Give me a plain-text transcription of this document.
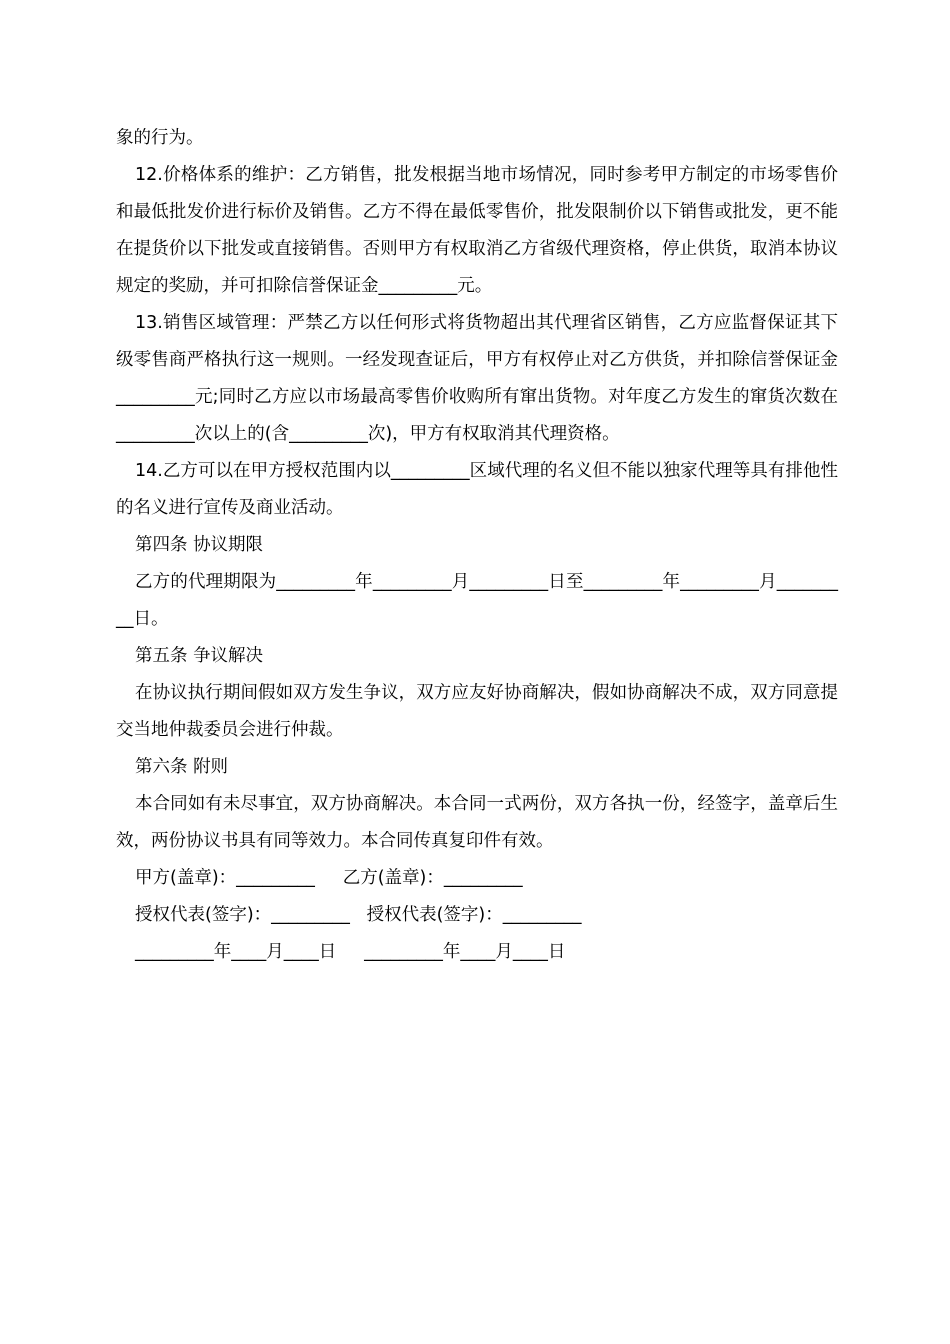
象的行为。

12.价格体系的维护：乙方销售，批发根据当地市场情况，同时参考甲方制定的市场零售价和最低批发价进行标价及销售。乙方不得在最低零售价，批发限制价以下销售或批发，更不能在提货价以下批发或直接销售。否则甲方有权取消乙方省级代理资格，停止供货，取消本协议规定的奖励，并可扣除信誉保证金_________元。

13.销售区域管理：严禁乙方以任何形式将货物超出其代理省区销售，乙方应监督保证其下级零售商严格执行这一规则。一经发现查证后，甲方有权停止对乙方供货，并扣除信誉保证金_________元;同时乙方应以市场最高零售价收购所有窜出货物。对年度乙方发生的窜货次数在_________次以上的(含_________次)，甲方有权取消其代理资格。

14.乙方可以在甲方授权范围内以_________区域代理的名义但不能以独家代理等具有排他性的名义进行宣传及商业活动。

第四条 协议期限

乙方的代理期限为_________年_________月_________日至_________年_________月_________日。

第五条 争议解决

在协议执行期间假如双方发生争议，双方应友好协商解决，假如协商解决不成，双方同意提交当地仲裁委员会进行仲裁。

第六条 附则

本合同如有未尽事宜，双方协商解决。本合同一式两份，双方各执一份，经签字，盖章后生效，两份协议书具有同等效力。本合同传真复印件有效。

甲方(盖章)：_________     乙方(盖章)：_________

授权代表(签字)：_________   授权代表(签字)：_________

_________年____月____日     _________年____月____日
